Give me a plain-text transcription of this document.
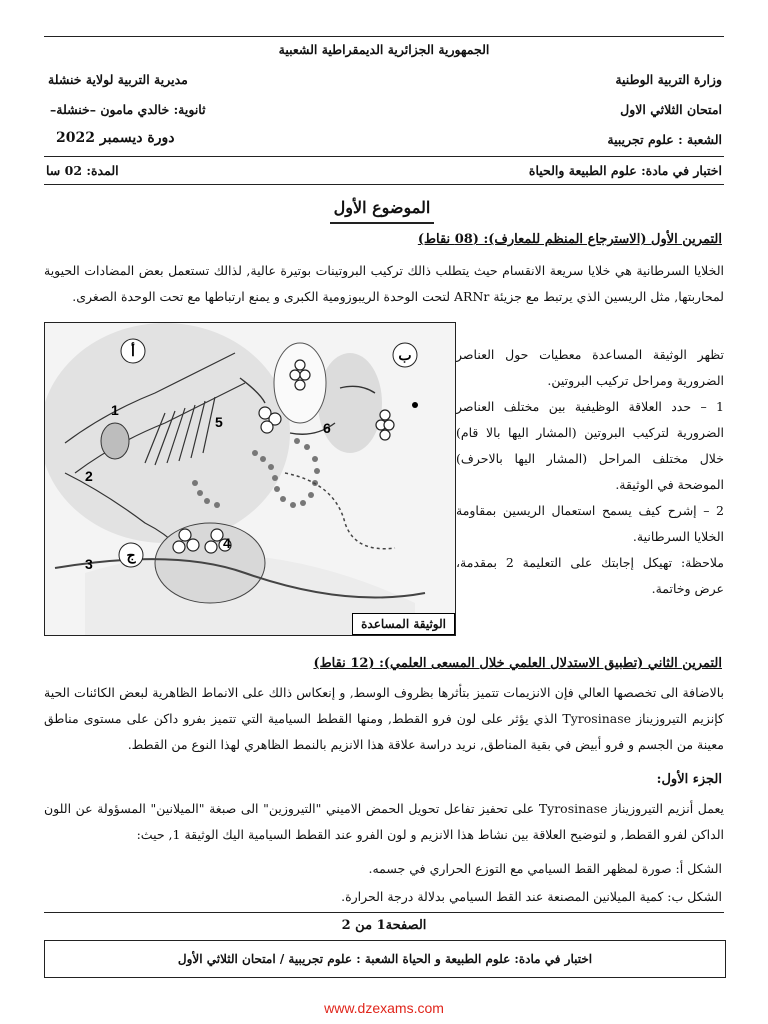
الجمهورية الجزائرية الديمقراطية الشعبية
وزارة التربية الوطنية
مديرية التربية لولاية خنشلة
امتحان الثلاثي الاول
ثانوية: خالدي مامون –خنشلة–
الشعبة : علوم تجريبية
دورة ديسمبر 2022
اختبار في مادة: علوم الطبيعة والحياة
المدة: 02 سا
الموضوع الأول
التمرين الأول (الاسترجاع المنظم للمعارف): (08 نقاط)
الخلايا السرطانية هي خلايا سريعة الانقسام حيث يتطلب ذالك تركيب البروتينات بوتيرة عالية, لذالك تستعمل بعض المضادات الحيوية لمحاربتها, مثل الريسين الذي يرتبط مع جزيئة ARNr لتحت الوحدة الريبوزومية الكبرى و يمنع ارتباطها مع تحت الوحدة الصغرى.
تظهر الوثيقة المساعدة معطيات حول العناصر الضرورية ومراحل تركيب البروتين.
1 – حدد العلاقة الوظيفية بين مختلف العناصر الضرورية لتركيب البروتين (المشار اليها بالا قام) خلال مختلف المراحل (المشار اليها بالاحرف) الموضحة في الوثيقة.
2 – إشرح كيف يسمح استعمال الريسين بمقاومة الخلايا السرطانية.
ملاحظة: تهيكل إجابتك على التعليمة 2 بمقدمة، عرض وخاتمة.
أ	ب
ج
1
2
3
4
5	6
الوثيقة المساعدة
التمرين الثاني (تطبيق الاستدلال العلمي خلال المسعى العلمي): (12 نقاط)
بالاضافة الى تخصصها العالي فإن الانزيمات تتميز بتأثرها بظروف الوسط, و إنعكاس ذالك على الانماط الظاهرية لبعض الكائنات الحية كإنزيم التيروزيناز Tyrosinase الذي يؤثر على لون فرو القطط, ومنها القطط السيامية التي تتميز بفرو داكن على مستوى مناطق معينة من الجسم و فرو أبيض في بقية المناطق, نريد دراسة علاقة هذا الانزيم بالنمط الظاهري لهذا النوع من القطط.
الجزء الأول:
يعمل أنزيم التيروزيناز Tyrosinase على تحفيز تفاعل تحويل الحمض الاميني "التيروزين" الى صبغة "الميلانين" المسؤولة عن اللون الداكن لفرو القطط, و لتوضيح العلاقة بين نشاط هذا الانزيم و لون الفرو عند القطط السيامية اليك الوثيقة 1, حيث:
الشكل أ: صورة لمظهر القط السيامي مع التوزع الحراري في جسمه.
الشكل ب: كمية الميلانين المصنعة عند القط السيامي بدلالة درجة الحرارة.
الصفحة1 من 2
اختبار في مادة: علوم الطبيعة و الحياة الشعبة : علوم تجريبية / امتحان الثلاثي الأول
www.dzexams.com
